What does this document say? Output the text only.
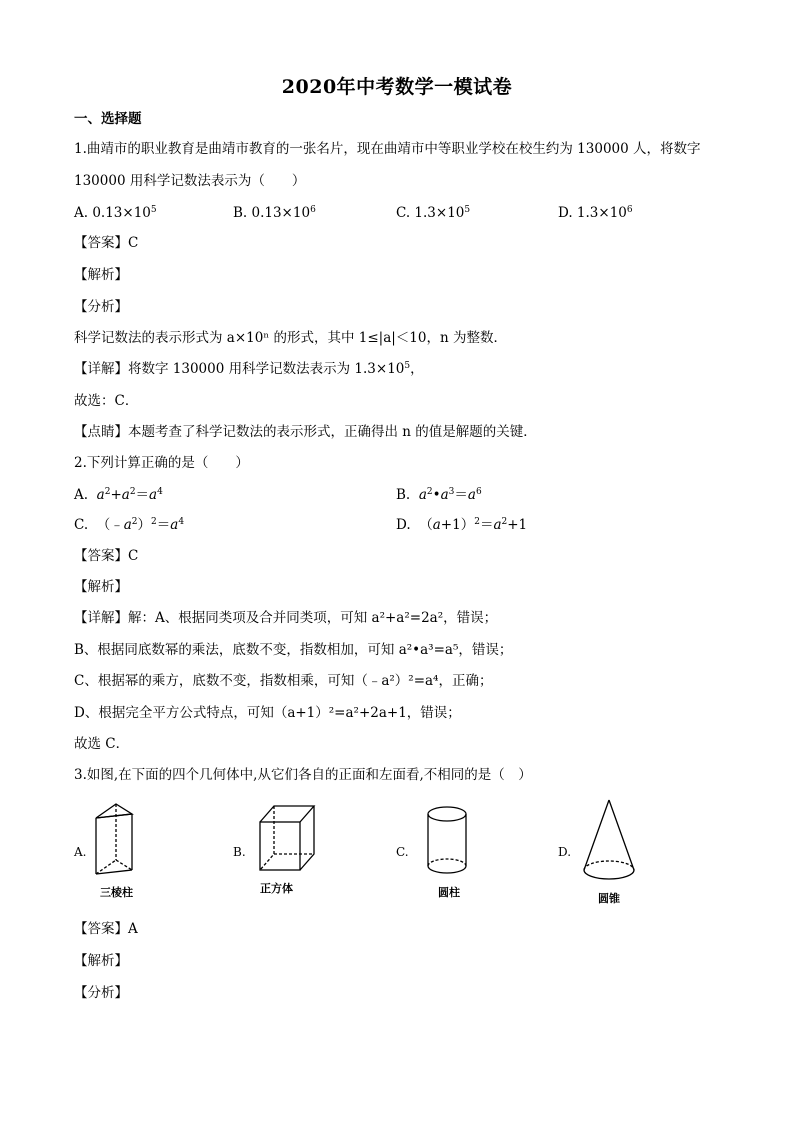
2020年中考数学一模试卷
一、选择题
1.曲靖市的职业教育是曲靖市教育的一张名片，现在曲靖市中等职业学校在校生约为 130000 人，将数字
130000 用科学记数法表示为（　　）
A. $0.13\times 10^5$	B. $0.13\times 10^6$	C. $1.3\times 10^5$	D. $1.3\times 10^6$
【答案】C
【解析】
【分析】
科学记数法的表示形式为 a×10ⁿ 的形式，其中 1≤|a|＜10，n 为整数．
【详解】将数字 130000 用科学记数法表示为 $1.3\times 10^5$，
故选：C．
【点睛】本题考查了科学记数法的表示形式，正确得出 n 的值是解题的关键．
2.下列计算正确的是（　　）
A. $a^2+a^2=a^4$	B. $a^2•a^3=a^6$
C.  $(﹣a^2)^2=a^4$	D.  $(a+1)^2=a^2+1$
【答案】C
【解析】
【详解】解：A、根据同类项及合并同类项，可知 a²+a²=2a²，错误；
B、根据同底数幂的乘法，底数不变，指数相加，可知 a²•a³=a⁵，错误；
C、根据幂的乘方，底数不变，指数相乘，可知（﹣a²）²=a⁴，正确；
D、根据完全平方公式特点，可知（a+1）²=a²+2a+1，错误；
故选 C．
3.如图,在下面的四个几何体中,从它们各自的正面和左面看,不相同的是（　）
A.
三棱柱
B.
正方体
C.
圆柱
D.
圆锥
【答案】A
【解析】
【分析】
